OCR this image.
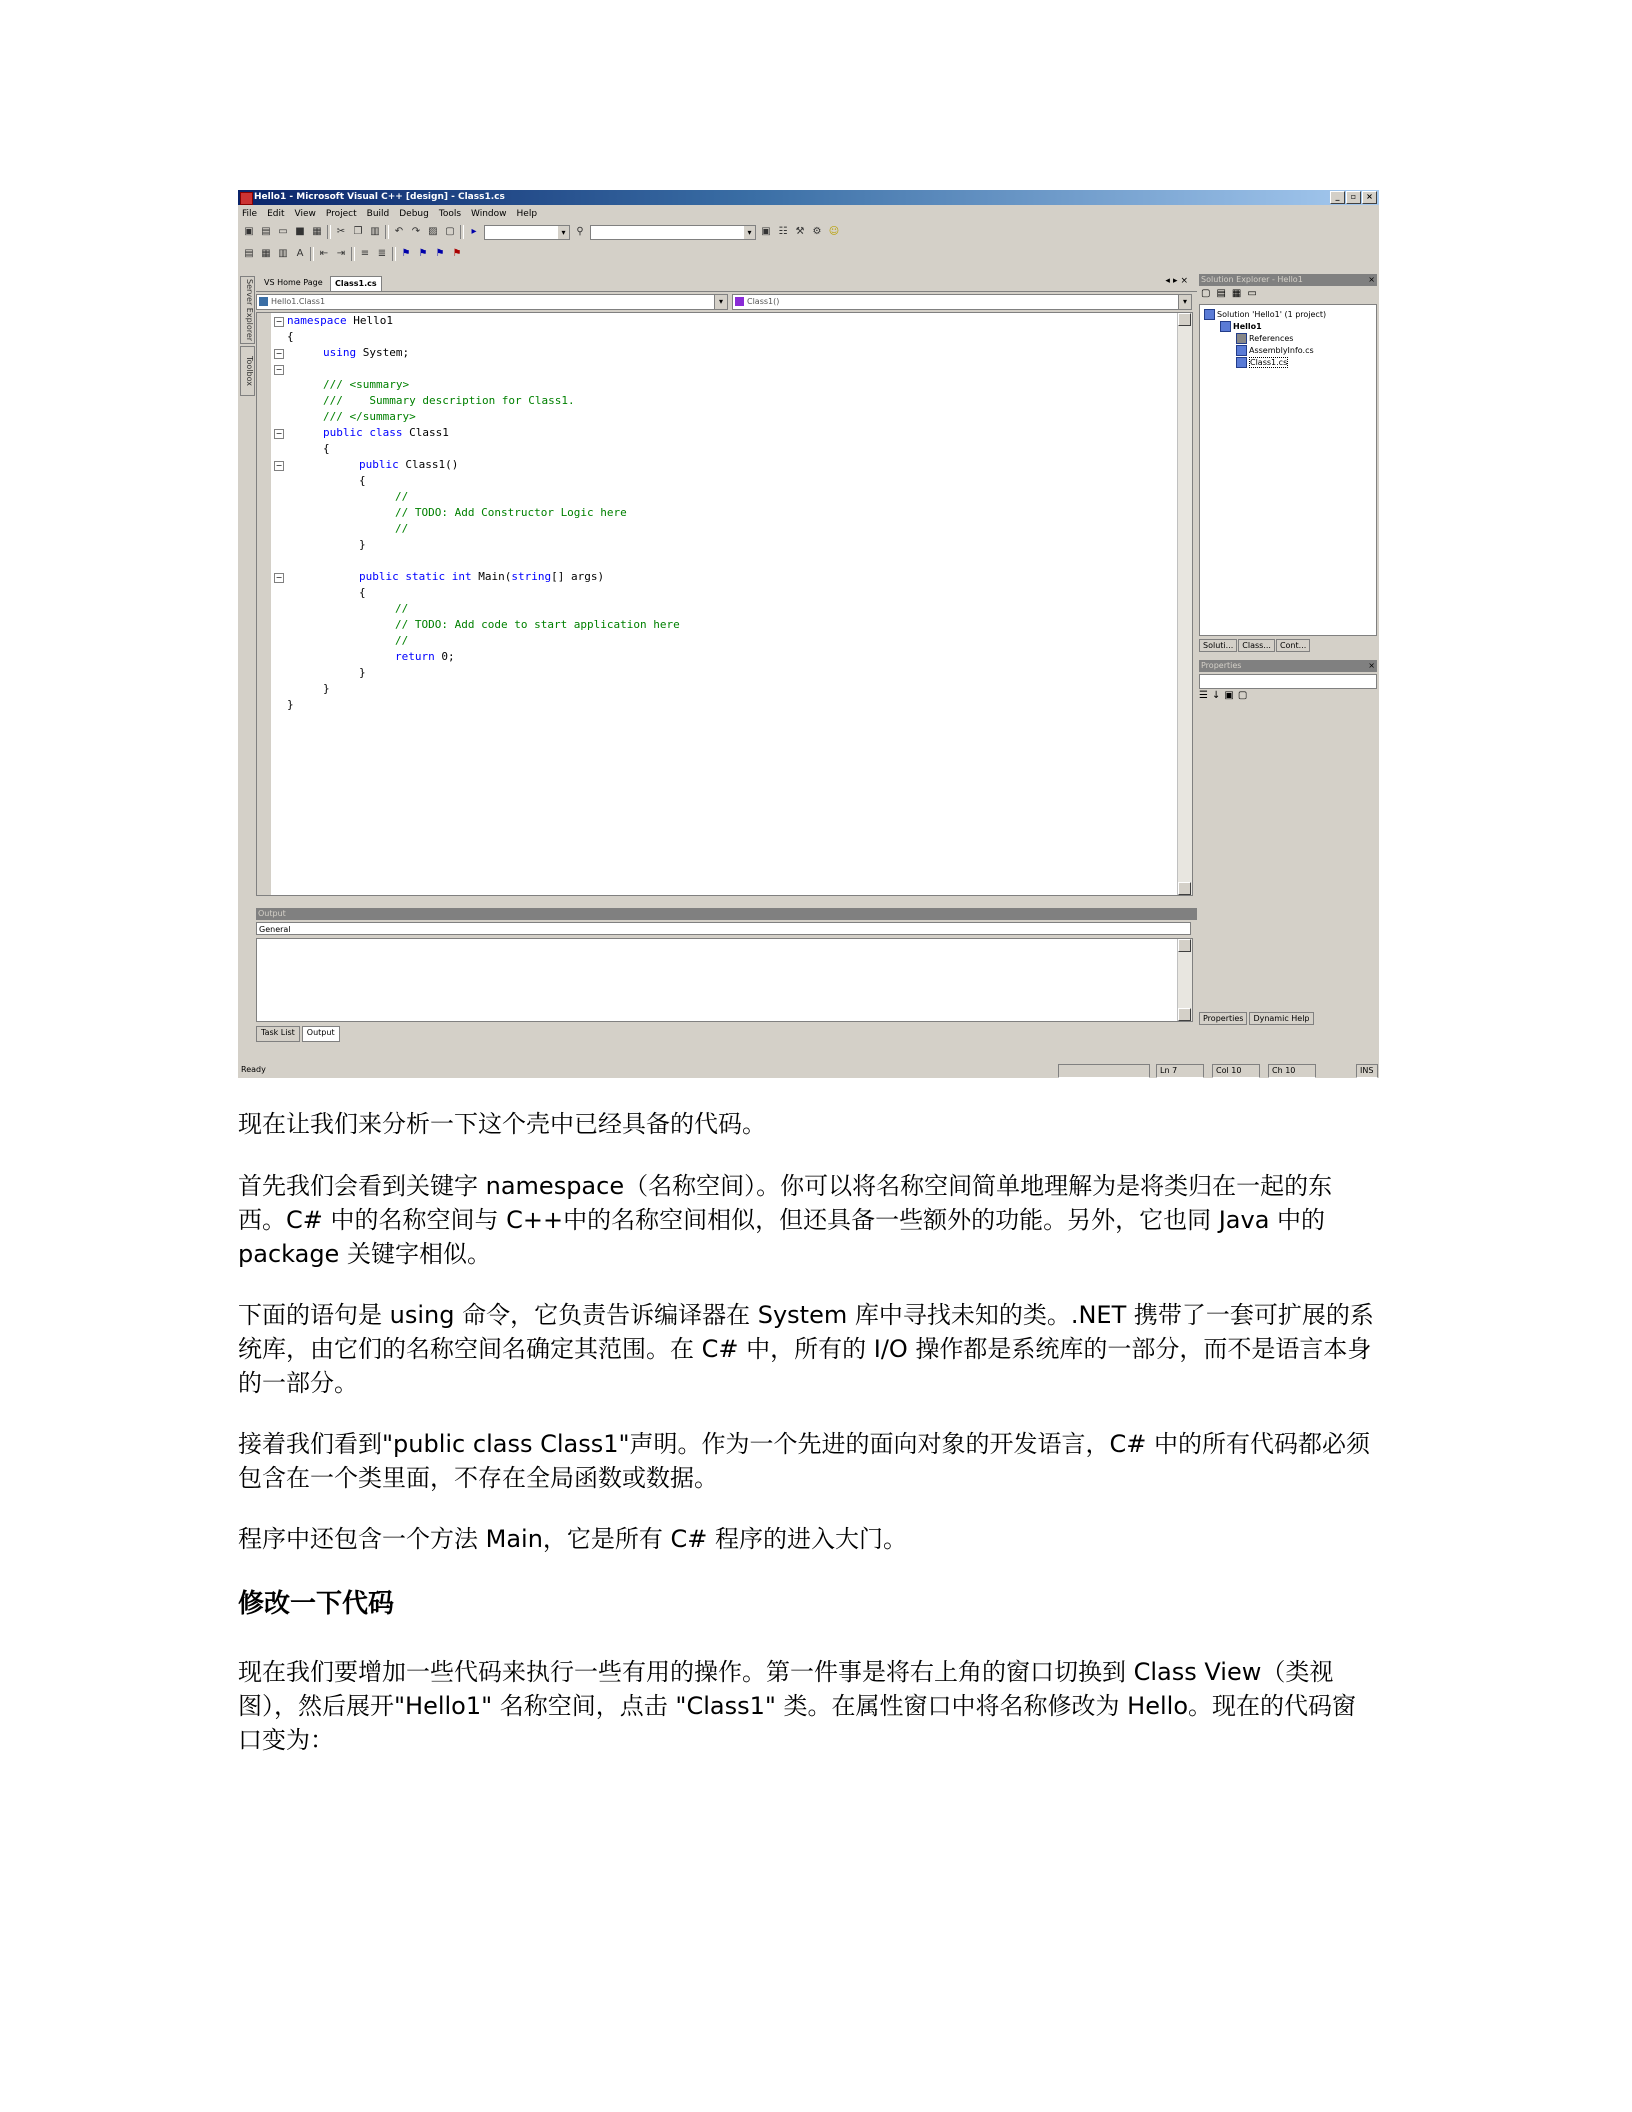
Hello1 - Microsoft Visual C++ [design] - Class1.cs	_	▫	×
File Edit View Project Build Debug Tools Window Help
▣ ▤ ▭ ■ ▦ ✂ ❐ ▥ ↶ ↷ ▨ ▢	▸ ▾	⚲ ▾	▣ ☷ ⚒ ⚙ ☺
▤ ▦ ▥ A	⇤ ⇥ ≡ ≣ ⚑ ⚑ ⚑ ⚑
Server Explorer
Toolbox
VS Home Page	Class1.cs	◂▸×
Hello1.Class1 ▾	Class1() ▾
−
−
−
−
−
−

namespace Hello1

{

using System;

/// <summary>

///    Summary description for Class1.

/// </summary>

public class Class1

{

public Class1()

{

//

// TODO: Add Constructor Logic here

//

}

public static int Main(string[] args)

{

//

// TODO: Add code to start application here

//

return 0;

}

}

}

Output
General
Task List	Output
Solution Explorer - Hello1	×
▢ ▤ ▦ ▭
Solution 'Hello1' (1 project)
Hello1
References
AssemblyInfo.cs
Class1.cs
Soluti...	Class...	Cont...
Properties	×
☰ ↓ ▣ ▢
Properties	Dynamic Help
Ready	Ln 7	Col 10	Ch 10	INS

现在让我们来分析一下这个壳中已经具备的代码。

首先我们会看到关键字 namespace（名称空间）。你可以将名称空间简单地理解为是将类归在一起的东西。C# 中的名称空间与 C++中的名称空间相似，但还具备一些额外的功能。另外，它也同 Java 中的 package 关键字相似。

下面的语句是 using 命令，它负责告诉编译器在 System 库中寻找未知的类。.NET 携带了一套可扩展的系统库，由它们的名称空间名确定其范围。在 C# 中，所有的 I/O 操作都是系统库的一部分，而不是语言本身的一部分。

接着我们看到"public class Class1"声明。作为一个先进的面向对象的开发语言，C# 中的所有代码都必须包含在一个类里面，不存在全局函数或数据。

程序中还包含一个方法 Main，它是所有 C# 程序的进入大门。

修改一下代码

现在我们要增加一些代码来执行一些有用的操作。第一件事是将右上角的窗口切换到 Class View（类视图），然后展开"Hello1" 名称空间，点击 "Class1" 类。在属性窗口中将名称修改为 Hello。现在的代码窗口变为：
